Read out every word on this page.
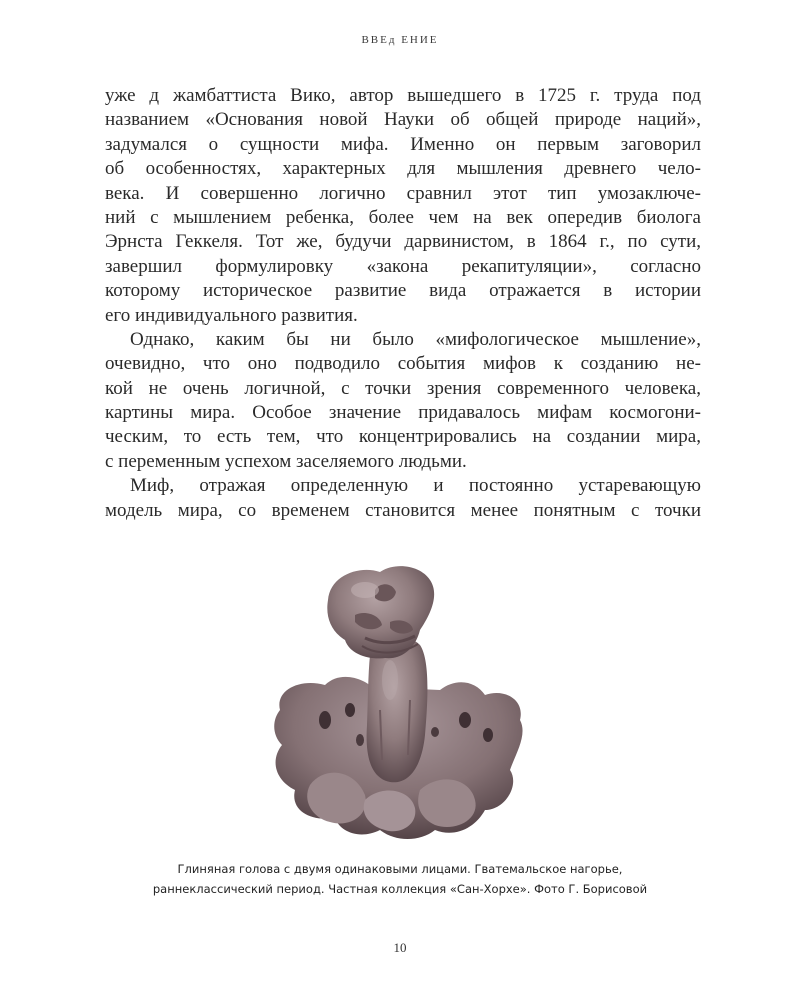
ВВЕд ЕНИЕ
уже д жамбаттиста Вико, автор вышедшего в 1725 г. труда под
названием «Основания новой Науки об общей природе наций»,
задумался о сущности мифа. Именно он первым заговорил
об особенностях, характерных для мышления древнего чело-
века. И совершенно логично сравнил этот тип умозаключе-
ний с мышлением ребенка, более чем на век опередив биолога
Эрнста Геккеля. Тот же, будучи дарвинистом, в 1864 г., по сути,
завершил формулировку «закона рекапитуляции», согласно
которому историческое развитие вида отражается в истории
его индивидуального развития.
Однако, каким бы ни было «мифологическое мышление»,
очевидно, что оно подводило события мифов к созданию не-
кой не очень логичной, с точки зрения современного человека,
картины мира. Особое значение придавалось мифам космогони-
ческим, то есть тем, что концентрировались на создании мира,
с переменным успехом заселяемого людьми.
Миф, отражая определенную и постоянно устаревающую
модель мира, со временем становится менее понятным с точки
Глиняная голова с двумя одинаковыми лицами. Гватемальское нагорье,
раннеклассический период. Частная коллекция «Сан-Хорхе». Фото Г. Борисовой
10
